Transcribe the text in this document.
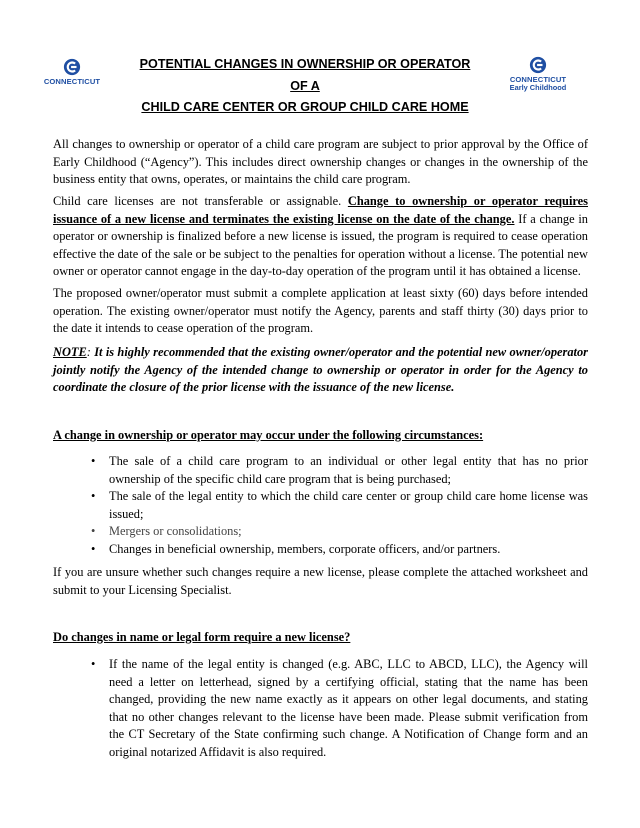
CONNECTICUT
POTENTIAL CHANGES IN OWNERSHIP OR OPERATOR
OF A
CHILD CARE CENTER OR GROUP CHILD CARE HOME
CONNECTICUT
Early Childhood

All changes to ownership or operator of a child care program are subject to prior approval by the Office of Early Childhood (“Agency”). This includes direct ownership changes or changes in the ownership of the business entity that owns, operates, or maintains the child care program.

Child care licenses are not transferable or assignable. Change to ownership or operator requires issuance of a new license and terminates the existing license on the date of the change. If a change in operator or ownership is finalized before a new license is issued, the program is required to cease operation effective the date of the sale or be subject to the penalties for operation without a license. The potential new owner or operator cannot engage in the day-to-day operation of the program until it has obtained a license.

The proposed owner/operator must submit a complete application at least sixty (60) days before intended operation. The existing owner/operator must notify the Agency, parents and staff thirty (30) days prior to the date it intends to cease operation of the program.

NOTE: It is highly recommended that the existing owner/operator and the potential new owner/operator jointly notify the Agency of the intended change to ownership or operator in order for the Agency to coordinate the closure of the prior license with the issuance of the new license.

A change in ownership or operator may occur under the following circumstances:
• The sale of a child care program to an individual or other legal entity that has no prior ownership of the specific child care program that is being purchased;
• The sale of the legal entity to which the child care center or group child care home license was issued;
• Mergers or consolidations;
• Changes in beneficial ownership, members, corporate officers, and/or partners.

If you are unsure whether such changes require a new license, please complete the attached worksheet and submit to your Licensing Specialist.

Do changes in name or legal form require a new license?
• If the name of the legal entity is changed (e.g. ABC, LLC to ABCD, LLC), the Agency will need a letter on letterhead, signed by a certifying official, stating that the name has been changed, providing the new name exactly as it appears on other legal documents, and stating that no other changes relevant to the license have been made. Please submit verification from the CT Secretary of the State confirming such change. A Notification of Change form and an original notarized Affidavit is also required.
